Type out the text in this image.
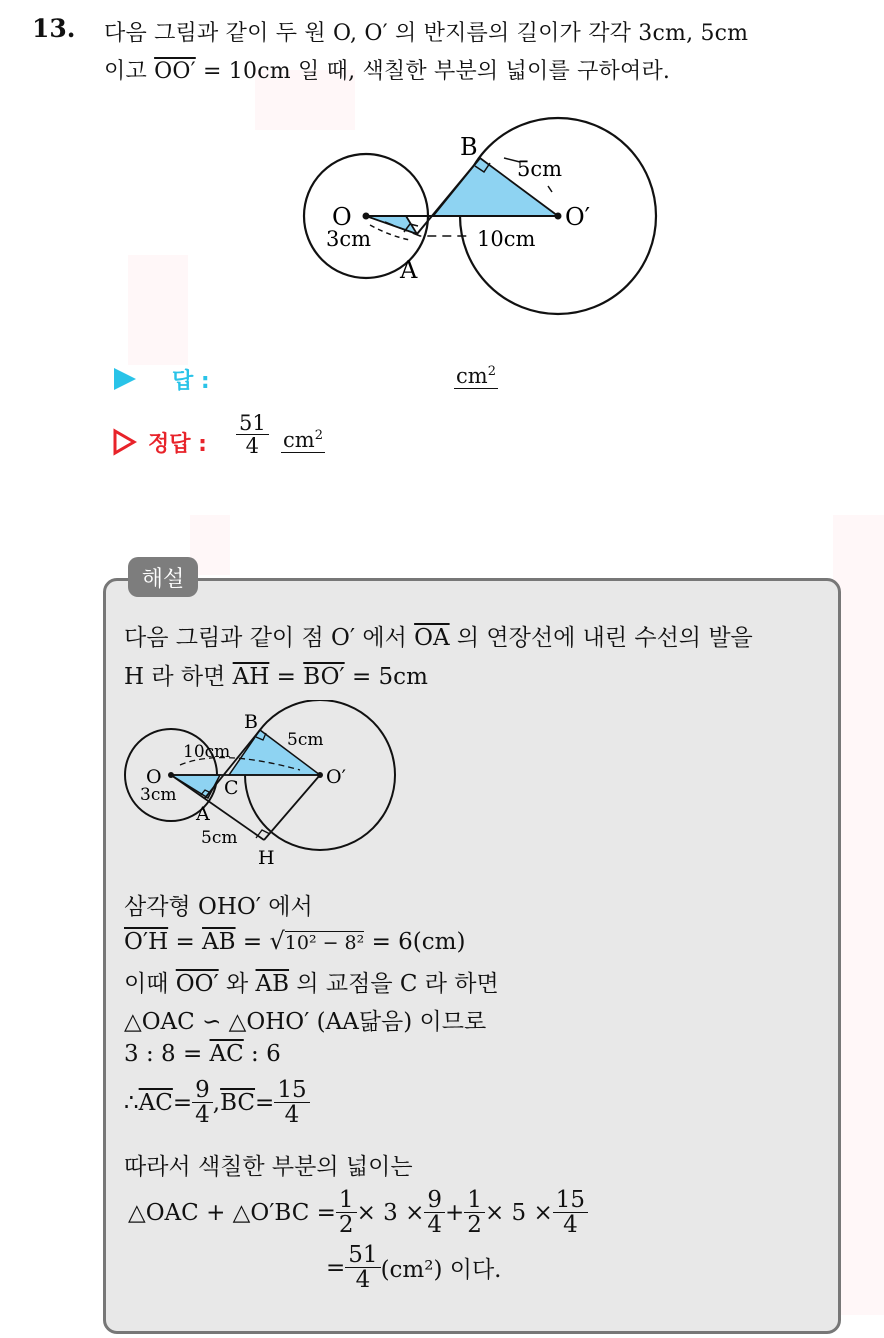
13. 다음 그림과 같이 두 원 O, O′ 의 반지름의 길이가 각각 3cm, 5cm
이고 OO′ = 10cm 일 때, 색칠한 부분의 넓이를 구하여라.
B
O	O′
A
3cm
5cm
10cm
답 :	$cm^2$
정답 : $\frac{51}{4} cm^2$
해설
다음 그림과 같이 점 O′ 에서 $\overline{OA}$ 의 연장선에 내린 수선의 발을
H 라 하면 $\overline{AH} = BO' = 5cm$
B
O	O′
A
C
H
3cm
5cm
10cm
5cm
삼각형 OHO′ 에서
$O'H = \overline{AB} = √10^2 - 8^2 = 6(cm)$
이때 OO′ 와 $\overline{AB}$ 의 교점을 C 라 하면
△OAC ∽ △OHO′ (AA닮음) 이므로
3 : $8 = \overline{AC}$ : 6
∴ $\overline{AC} = \frac{9}{4}$ , $\overline{BC} = \frac{15}{4}$
따라서 색칠한 부분의 넓이는
△OAC + △O′BC = $\frac{1}{2} \times 3 \times \frac{9}{4} + \frac{1}{2} \times 5 \times \frac{15}{4}$
= $\frac{51}{4} (cm^2)$ 이다.
